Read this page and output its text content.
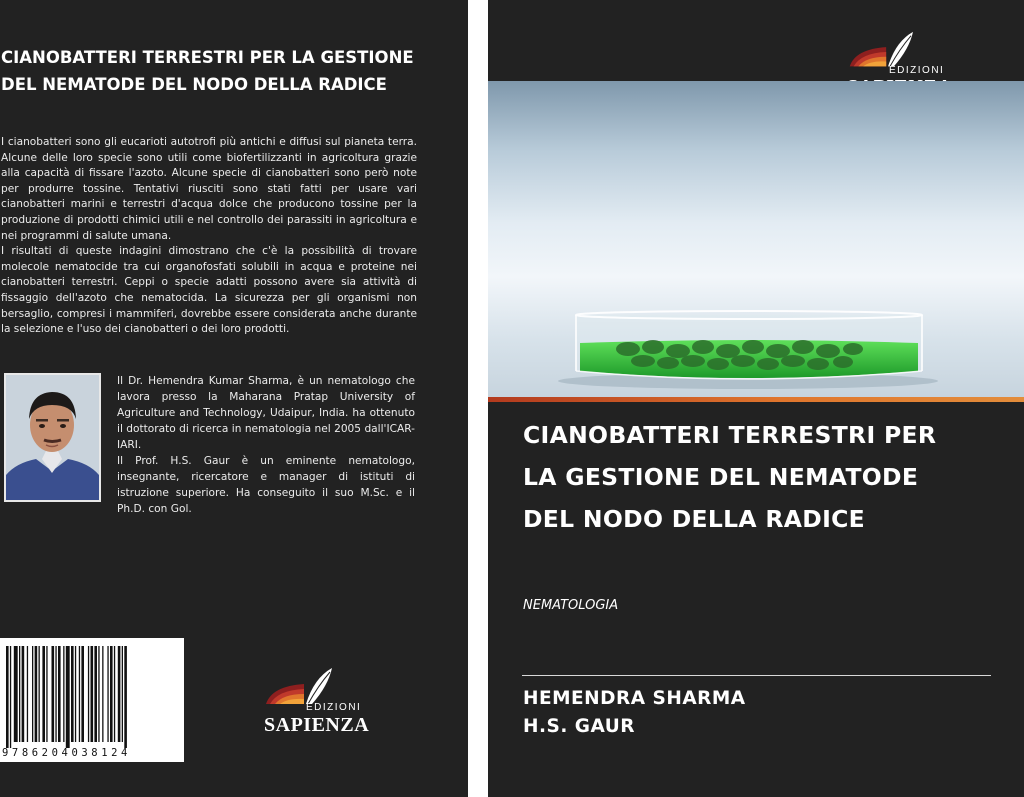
CIANOBATTERI TERRESTRI PER LA GESTIONE DEL NEMATODE DEL NODO DELLA RADICE

I cianobatteri sono gli eucarioti autotrofi più antichi e diffusi sul pianeta terra. Alcune delle loro specie sono utili come biofertilizzanti in agricoltura grazie alla capacità di fissare l'azoto. Alcune specie di cianobatteri sono però note per produrre tossine. Tentativi riusciti sono stati fatti per usare vari cianobatteri marini e terrestri d'acqua dolce che producono tossine per la produzione di prodotti chimici utili e nel controllo dei parassiti in agricoltura e nei programmi di salute umana.

I risultati di queste indagini dimostrano che c'è la possibilità di trovare molecole nematocide tra cui organofosfati solubili in acqua e proteine nei cianobatteri terrestri. Ceppi o specie adatti possono avere sia attività di fissaggio dell'azoto che nematocida. La sicurezza per gli organismi non bersaglio, compresi i mammiferi, dovrebbe essere considerata anche durante la selezione e l'uso dei cianobatteri o dei loro prodotti.

Il Dr. Hemendra Kumar Sharma, è un nematologo che lavora presso la Maharana Pratap University of Agriculture and Technology, Udaipur, India. ha ottenuto il dottorato di ricerca in nematologia nel 2005 dall'ICAR-IARI.

Il Prof. H.S. Gaur è un eminente nematologo, insegnante, ricercatore e manager di istituti di istruzione superiore. Ha conseguito il suo M.Sc. e il Ph.D. con Gol.

9786204038124
EDIZIONI
SAPIENZA
EDIZIONI
CIANOBATTERI TERRESTRI PER LA GESTIONE DEL NEMATODE DEL NODO DELLA RADICE
NEMATOLOGIA
HEMENDRA SHARMA
H.S. GAUR
